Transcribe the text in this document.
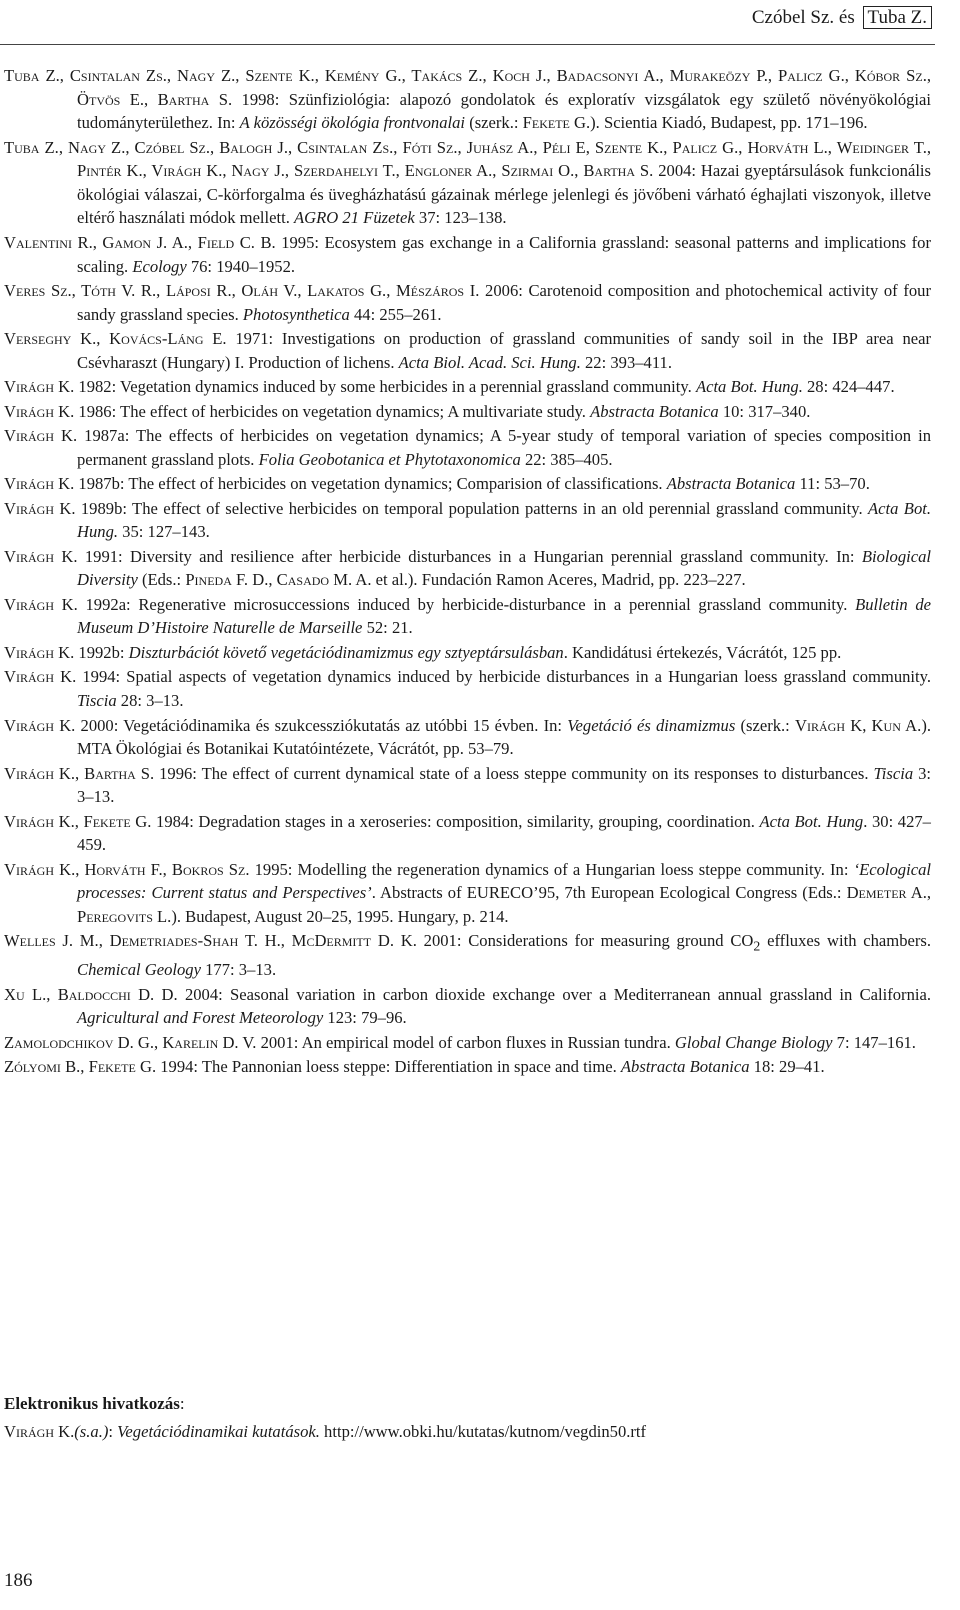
Czóbel Sz. és Tuba Z.
Tuba Z., Csintalan Zs., Nagy Z., Szente K., Kemény G., Takács Z., Koch J., Badacsonyi A., Murakeözy P., Palicz G., Kóbor Sz., Ötvös E., Bartha S. 1998: Szünfiziológia: alapozó gondolatok és exploratív vizsgálatok egy születő növényökológiai tudományterülethez. In: A közösségi ökológia frontvonalai (szerk.: Fekete G.). Scientia Kiadó, Budapest, pp. 171–196.
Tuba Z., Nagy Z., Czóbel Sz., Balogh J., Csintalan Zs., Fóti Sz., Juhász A., Péli E, Szente K., Palicz G., Horváth L., Weidinger T., Pintér K., Virágh K., Nagy J., Szerdahelyi T., Engloner A., Szirmai O., Bartha S. 2004: Hazai gyeptársulások funkcionális ökológiai válaszai, C-körforgalma és üvegházhatású gázainak mérlege jelenlegi és jövőbeni várható éghajlati viszonyok, illetve eltérő használati módok mellett. AGRO 21 Füzetek 37: 123–138.
Valentini R., Gamon J. A., Field C. B. 1995: Ecosystem gas exchange in a California grassland: seasonal patterns and implications for scaling. Ecology 76: 1940–1952.
Veres Sz., Tóth V. R., Láposi R., Oláh V., Lakatos G., Mészáros I. 2006: Carotenoid composition and photochemical activity of four sandy grassland species. Photosynthetica 44: 255–261.
Verseghy K., Kovács-Láng E. 1971: Investigations on production of grassland communities of sandy soil in the IBP area near Csévharaszt (Hungary) I. Production of lichens. Acta Biol. Acad. Sci. Hung. 22: 393–411.
Virágh K. 1982: Vegetation dynamics induced by some herbicides in a perennial grassland community. Acta Bot. Hung. 28: 424–447.
Virágh K. 1986: The effect of herbicides on vegetation dynamics; A multivariate study. Abstracta Botanica 10: 317–340.
Virágh K. 1987a: The effects of herbicides on vegetation dynamics; A 5-year study of temporal variation of species composition in permanent grassland plots. Folia Geobotanica et Phytotaxonomica 22: 385–405.
Virágh K. 1987b: The effect of herbicides on vegetation dynamics; Comparision of classifications. Abstracta Botanica 11: 53–70.
Virágh K. 1989b: The effect of selective herbicides on temporal population patterns in an old perennial grassland community. Acta Bot. Hung. 35: 127–143.
Virágh K. 1991: Diversity and resilience after herbicide disturbances in a Hungarian perennial grassland community. In: Biological Diversity (Eds.: Pineda F. D., Casado M. A. et al.). Fundación Ramon Aceres, Madrid, pp. 223–227.
Virágh K. 1992a: Regenerative microsuccessions induced by herbicide-disturbance in a perennial grassland community. Bulletin de Museum D’Histoire Naturelle de Marseille 52: 21.
Virágh K. 1992b: Diszturbációt követő vegetációdinamizmus egy sztyeptársulásban. Kandidátusi értekezés, Vácrátót, 125 pp.
Virágh K. 1994: Spatial aspects of vegetation dynamics induced by herbicide disturbances in a Hungarian loess grassland community. Tiscia 28: 3–13.
Virágh K. 2000: Vegetációdinamika és szukcessziókutatás az utóbbi 15 évben. In: Vegetáció és dinamizmus (szerk.: Virágh K, Kun A.). MTA Ökológiai és Botanikai Kutatóintézete, Vácrátót, pp. 53–79.
Virágh K., Bartha S. 1996: The effect of current dynamical state of a loess steppe community on its responses to disturbances. Tiscia 3: 3–13.
Virágh K., Fekete G. 1984: Degradation stages in a xeroseries: composition, similarity, grouping, coordination. Acta Bot. Hung. 30: 427–459.
Virágh K., Horváth F., Bokros Sz. 1995: Modelling the regeneration dynamics of a Hungarian loess steppe community. In: ‘Ecological processes: Current status and Perspectives’. Abstracts of EURECO’95, 7th European Ecological Congress (Eds.: Demeter A., Peregovits L.). Budapest, August 20–25, 1995. Hungary, p. 214.
Welles J. M., Demetriades-Shah T. H., McDermitt D. K. 2001: Considerations for measuring ground $CO_2$ effluxes with chambers. Chemical Geology 177: 3–13.
Xu L., Baldocchi D. D. 2004: Seasonal variation in carbon dioxide exchange over a Mediterranean annual grassland in California. Agricultural and Forest Meteorology 123: 79–96.
Zamolodchikov D. G., Karelin D. V. 2001: An empirical model of carbon fluxes in Russian tundra. Global Change Biology 7: 147–161.
Zólyomi B., Fekete G. 1994: The Pannonian loess steppe: Differentiation in space and time. Abstracta Botanica 18: 29–41.
Elektronikus hivatkozás:
Virágh K.(s.a.): Vegetációdinamikai kutatások. http://www.obki.hu/kutatas/kutnom/vegdin50.rtf
186
